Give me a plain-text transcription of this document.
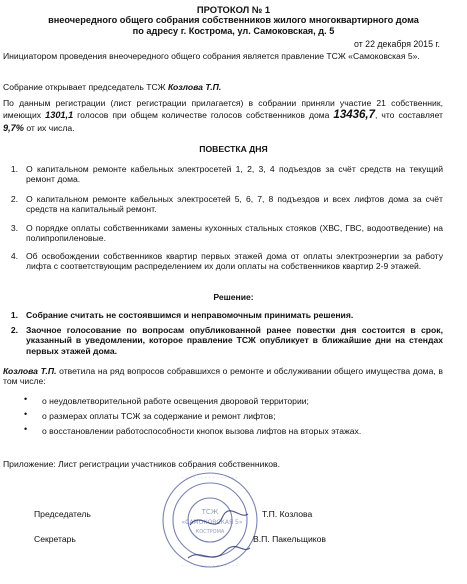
ПРОТОКОЛ № 1
внеочередного общего собрания собственников жилого многоквартирного дома
по адресу г. Кострома, ул. Самоковская, д. 5
от 22 декабря 2015 г.
Инициатором проведения внеочередного общего собрания является правление ТСЖ «Самоковская 5».
Собрание открывает председатель ТСЖ Козлова Т.П.
По данным регистрации (лист регистрации прилагается) в собрании приняли участие 21 собственник, имеющих 1301,1 голосов при общем количестве голосов собственников дома 13436,7, что составляет 9,7% от их числа.
ПОВЕСТКА ДНЯ
1. О капитальном ремонте кабельных электросетей 1, 2, 3, 4 подъездов за счёт средств на текущий ремонт дома.
2. О капитальном ремонте кабельных электросетей 5, 6, 7, 8 подъездов и всех лифтов дома за счёт средств на капитальный ремонт.
3. О порядке оплаты собственниками замены кухонных стальных стояков (ХВС, ГВС, водоотведение) на полипропиленовые.
4. Об освобождении собственников квартир первых этажей дома от оплаты электроэнергии за работу лифта с соответствующим распределением их доли оплаты на собственников квартир 2-9 этажей.
Решение:
1. Собрание считать не состоявшимся и неправомочным принимать решения.
2. Заочное голосование по вопросам опубликованной ранее повестки дня состоится в срок, указанный в уведомлении, которое правление ТСЖ опубликует в ближайшие дни на стендах первых этажей дома.
Козлова Т.П. ответила на ряд вопросов собравшихся о ремонте и обслуживании общего имущества дома, в том числе:
• о неудовлетворительной работе освещения дворовой территории;
• о размерах оплаты ТСЖ за содержание и ремонт лифтов;
• о восстановлении работоспособности кнопок вызова лифтов на вторых этажах.
Приложение: Лист регистрации участников собрания собственников.
· · · · · · · · · · · · · · ·
· · · · · · · · · · · · · · ·
ТСЖ
«САМОКОВСКАЯ 5»
КОСТРОМА
Председатель	Т.П. Козлова
Секретарь	В.П. Пакельщиков
